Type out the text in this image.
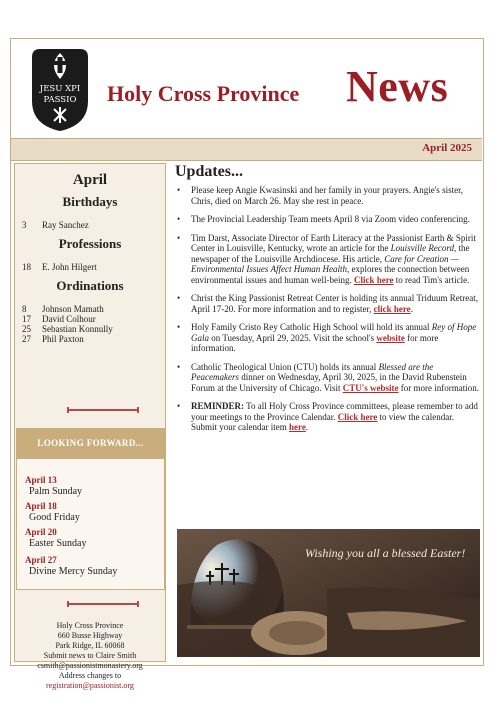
JESU XPI
PASSIO Holy Cross Province News
April 2025
April
Birthdays
3	Ray Sanchez
Professions
18	E. John Hilgert
Ordinations
8	Johnson Mamath
17	David Colhour
25	Sebastian Konnully
27	Phil Paxton
LOOKING FORWARD...
April 13
Palm Sunday
April 18
Good Friday
April 20
Easter Sunday
April 27
Divine Mercy Sunday
Holy Cross Province
660 Busse Highway
Park Ridge, IL 60068
Submit news to Claire Smith
csmith@passionistmonastery.org
Address changes to
registration@passionist.org
Updates...
• Please keep Angie Kwasinski and her family in your prayers. Angie's sister, Chris, died on March 26. May she rest in peace.
• The Provincial Leadership Team meets April 8 via Zoom video conferencing.
• Tim Darst, Associate Director of Earth Literacy at the Passionist Earth & Spirit Center in Louisville, Kentucky, wrote an article for the Louisville Record, the newspaper of the Louisville Archdiocese. His article, Care for Creation — Environmental Issues Affect Human Health, explores the connection between environmental issues and human well-being. Click here to read Tim's article.
• Christ the King Passionist Retreat Center is holding its annual Triduum Retreat, April 17-20. For more information and to register, click here.
• Holy Family Cristo Rey Catholic High School will hold its annual Rey of Hope Gala on Tuesday, April 29, 2025. Visit the school's website for more information.
• Catholic Theological Union (CTU) holds its annual Blessed are the Peacemakers dinner on Wednesday, April 30, 2025, in the David Rubenstein Forum at the University of Chicago. Visit CTU's website for more information.
• REMINDER: To all Holy Cross Province committees, please remember to add your meetings to the Province Calendar. Click here to view the calendar. Submit your calendar item here.
Wishing you all a blessed Easter!
